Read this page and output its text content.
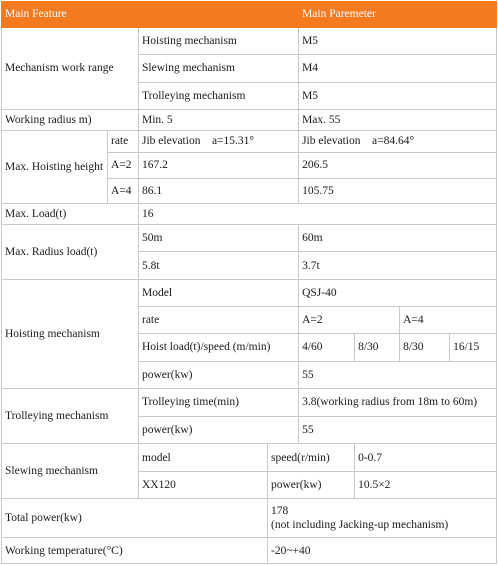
Main Feature				Main Paremeter			
Mechanism work range		Hoisting mechanism		M5			
		Slewing mechanism		M4			
		Trolleying mechanism		M5			
Working radius m)		Min. 5		Max. 55			
Max. Hoisting height	rate	Jib elevation    a=15.31°		Jib elevation    a=84.64°			
	A=2	167.2		206.5			
	A=4	86.1		105.75			
Max. Load(t)		16					
Max. Radius load(t)		50m		60m			
		5.8t		3.7t			
Hoisting mechanism		Model		QSJ-40			
		rate		A=2		A=4	
		Hoist load(t)/speed (m/min)		4/60	8/30	8/30	16/15
		power(kw)		55			
Trolleying mechanism		Trolleying time(min)		3.8(working radius from 18m to 60m)			
		power(kw)		55			
Slewing mechanism		model	speed(r/min)		0-0.7		
		XX120	power(kw)		10.5×2		
Total power(kw)			178
(not including Jacking-up mechanism)				

Working temperature(°C)			-20~+40				
